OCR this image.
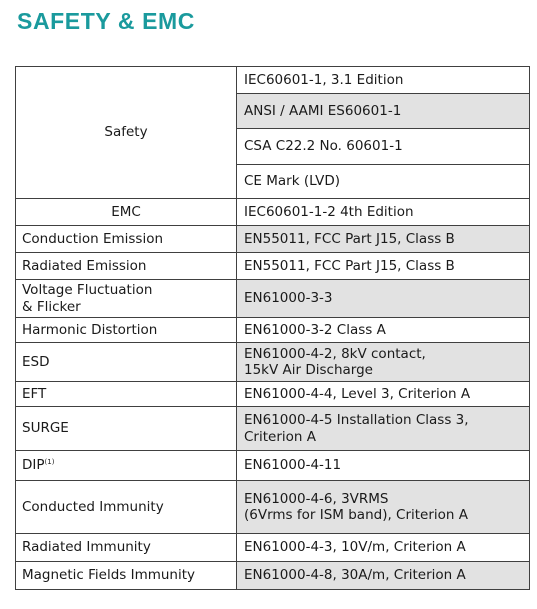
SAFETY & EMC
Safety	IEC60601-1, 3.1 Edition
	ANSI / AAMI ES60601-1
	CSA C22.2 No. 60601-1
	CE Mark (LVD)
EMC	IEC60601-1-2 4th Edition
Conduction Emission	EN55011, FCC Part J15, Class B
Radiated Emission	EN55011, FCC Part J15, Class B
Voltage Fluctuation
& Flicker	EN61000-3-3
Harmonic Distortion	EN61000-3-2 Class A
ESD	EN61000-4-2, 8kV contact,
15kV Air Discharge
EFT	EN61000-4-4, Level 3, Criterion A
SURGE	EN61000-4-5 Installation Class 3,
Criterion A
DIP$^{(1)}$	EN61000-4-11
Conducted Immunity	EN61000-4-6, 3VRMS
(6Vrms for ISM band), Criterion A
Radiated Immunity	EN61000-4-3, 10V/m, Criterion A
Magnetic Fields Immunity	EN61000-4-8, 30A/m, Criterion A
